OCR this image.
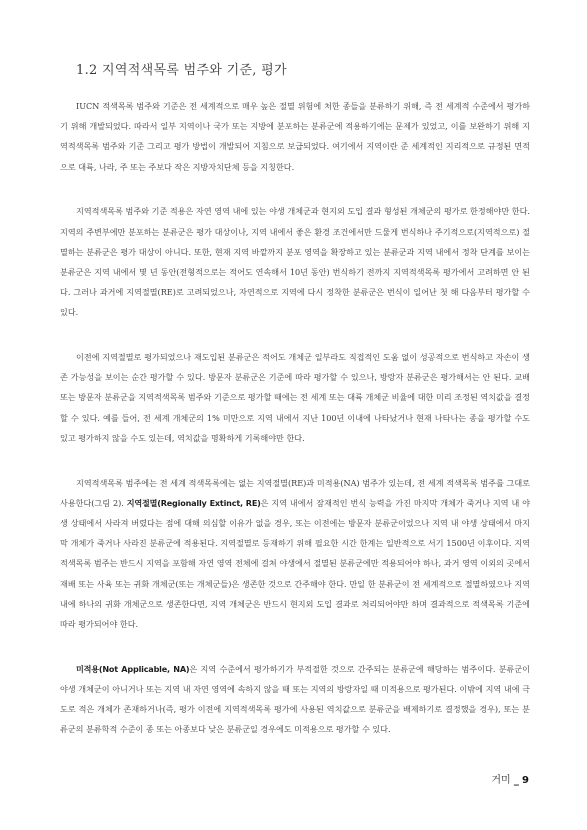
1.2 지역적색목록 범주와 기준, 평가

IUCN 적색목록 범주와 기준은 전 세계적으로 매우 높은 절멸 위험에 처한 종들을 분류하기 위해, 즉 전 세계적 수준에서 평가하기 위해 개발되었다. 따라서 일부 지역이나 국가 또는 지방에 분포하는 분류군에 적용하기에는 문제가 있었고, 이를 보완하기 위해 지역적색목록 범주와 기준 그리고 평가 방법이 개발되어 지침으로 보급되었다. 여기에서 지역이란 준 세계적인 지리적으로 규정된 면적으로 대륙, 나라, 주 또는 주보다 작은 지방자치단체 등을 지칭한다.

지역적색목록 범주와 기준 적용은 자연 영역 내에 있는 야생 개체군과 현지외 도입 결과 형성된 개체군의 평가로 한정해야만 한다. 지역의 주변부에만 분포하는 분류군은 평가 대상이나, 지역 내에서 좋은 환경 조건에서만 드물게 번식하나 주기적으로(지역적으로) 절멸하는 분류군은 평가 대상이 아니다. 또한, 현재 지역 바깥까지 분포 영역을 확장하고 있는 분류군과 지역 내에서 정착 단계를 보이는 분류군은 지역 내에서 몇 년 동안(전형적으로는 적어도 연속해서 10년 동안) 번식하기 전까지 지역적색목록 평가에서 고려하면 안 된다. 그러나 과거에 지역절멸(RE)로 고려되었으나, 자연적으로 지역에 다시 정착한 분류군은 번식이 일어난 첫 해 다음부터 평가할 수 있다.

이전에 지역절멸로 평가되었으나 재도입된 분류군은 적어도 개체군 일부라도 직접적인 도움 없이 성공적으로 번식하고 자손이 생존 가능성을 보이는 순간 평가할 수 있다. 방문자 분류군은 기준에 따라 평가할 수 있으나, 방랑자 분류군은 평가해서는 안 된다. 교배 또는 방문자 분류군을 지역적색목록 범주와 기준으로 평가할 때에는 전 세계 또는 대륙 개체군 비율에 대한 미리 조정된 역치값을 결정할 수 있다. 예를 들어, 전 세계 개체군의 1% 미만으로 지역 내에서 지난 100년 이내에 나타났거나 현재 나타나는 종을 평가할 수도 있고 평가하지 않을 수도 있는데, 역치값을 명확하게 기록해야만 한다.

지역적색목록 범주에는 전 세계 적색목록에는 없는 지역절멸(RE)과 미적용(NA) 범주가 있는데, 전 세계 적색목록 범주를 그대로 사용한다(그림 2). 지역절멸(Regionally Extinct, RE)은 지역 내에서 잠재적인 번식 능력을 가진 마지막 개체가 죽거나 지역 내 야생 상태에서 사라져 버렸다는 점에 대해 의심할 이유가 없을 경우, 또는 이전에는 방문자 분류군이었으나 지역 내 야생 상태에서 마지막 개체가 죽거나 사라진 분류군에 적용된다. 지역절멸로 등재하기 위해 필요한 시간 한계는 일반적으로 서기 1500년 이후이다. 지역적색목록 범주는 반드시 지역을 포함해 자연 영역 전체에 걸쳐 야생에서 절멸된 분류군에만 적용되어야 하나, 과거 영역 이외의 곳에서 재배 또는 사육 또는 귀화 개체군(또는 개체군들)은 생존한 것으로 간주해야 한다. 만일 한 분류군이 전 세계적으로 절멸하였으나 지역 내에 하나의 귀화 개체군으로 생존한다면, 지역 개체군은 반드시 현지외 도입 결과로 처리되어야만 하며 결과적으로 적색목록 기준에 따라 평가되어야 한다.

미적용(Not Applicable, NA)은 지역 수준에서 평가하기가 부적절한 것으로 간주되는 분류군에 해당하는 범주이다. 분류군이 야생 개체군이 아니거나 또는 지역 내 자연 영역에 속하지 않을 때 또는 지역의 방랑자일 때 미적용으로 평가된다. 이밖에 지역 내에 극도로 적은 개체가 존재하거나(즉, 평가 이전에 지역적색목록 평가에 사용된 역치값으로 분류군을 배제하기로 결정했을 경우), 또는 분류군의 분류학적 수준이 종 또는 아종보다 낮은 분류군일 경우에도 미적용으로 평가할 수 있다.

거미 _ 9
